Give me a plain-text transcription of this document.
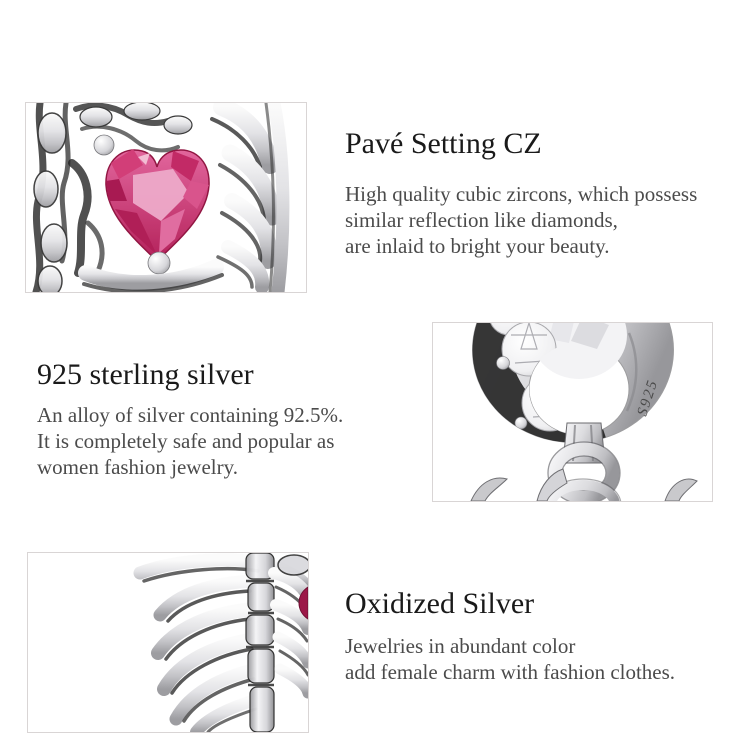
Pavé Setting CZ
High quality cubic zircons, which possess
similar reflection like diamonds,
are inlaid to bright your beauty.
925 sterling silver
An alloy of silver containing 92.5%.
It is completely safe and popular as
women fashion jewelry.
S925
Oxidized Silver
Jewelries in abundant color
add female charm with fashion clothes.
